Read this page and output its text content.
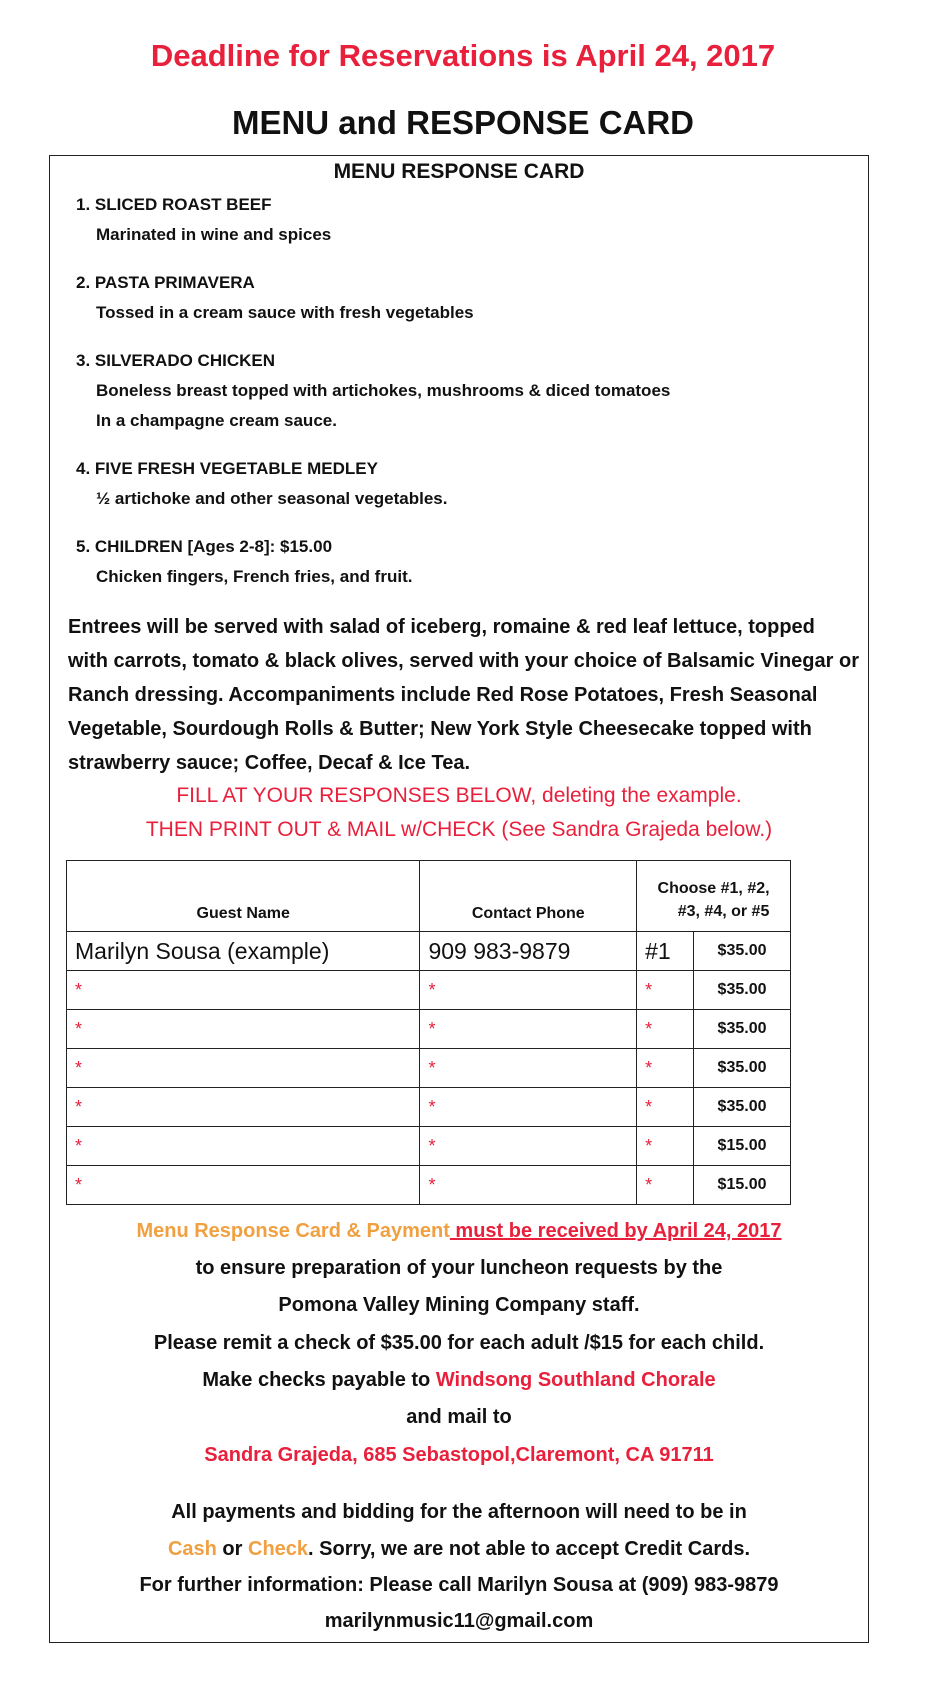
Deadline for Reservations is April 24, 2017
MENU and RESPONSE CARD
MENU RESPONSE CARD
1. SLICED ROAST BEEF
Marinated in wine and spices
2. PASTA PRIMAVERA
Tossed in a cream sauce with fresh vegetables
3. SILVERADO CHICKEN
Boneless breast topped with artichokes, mushrooms & diced tomatoes
In a champagne cream sauce.
4. FIVE FRESH VEGETABLE MEDLEY
½ artichoke and other seasonal vegetables.
5. CHILDREN [Ages 2-8]: $15.00
Chicken fingers, French fries, and fruit.
Entrees will be served with salad of iceberg, romaine & red leaf lettuce, topped with carrots, tomato & black olives, served with your choice of Balsamic Vinegar or Ranch dressing. Accompaniments include Red Rose Potatoes, Fresh Seasonal Vegetable, Sourdough Rolls & Butter; New York Style Cheesecake topped with strawberry sauce; Coffee, Decaf & Ice Tea.
FILL AT YOUR RESPONSES BELOW, deleting the example.
THEN PRINT OUT & MAIL w/CHECK (See Sandra Grajeda below.)
Guest Name	Contact Phone	Choose #1, #2,
#3, #4, or #5	

Marilyn Sousa (example)	909 983-9879	#1	$35.00
*	*	*	$35.00
*	*	*	$35.00
*	*	*	$35.00
*	*	*	$35.00
*	*	*	$15.00
*	*	*	$15.00
Menu Response Card & Payment must be received by April 24, 2017
to ensure preparation of your luncheon requests by the
Pomona Valley Mining Company staff.
Please remit a check of $35.00 for each adult /$15 for each child.
Make checks payable to Windsong Southland Chorale
and mail to
Sandra Grajeda, 685 Sebastopol,Claremont, CA 91711
All payments and bidding for the afternoon will need to be in
Cash or Check. Sorry, we are not able to accept Credit Cards.
For further information: Please call Marilyn Sousa at (909) 983-9879
marilynmusic11@gmail.com
